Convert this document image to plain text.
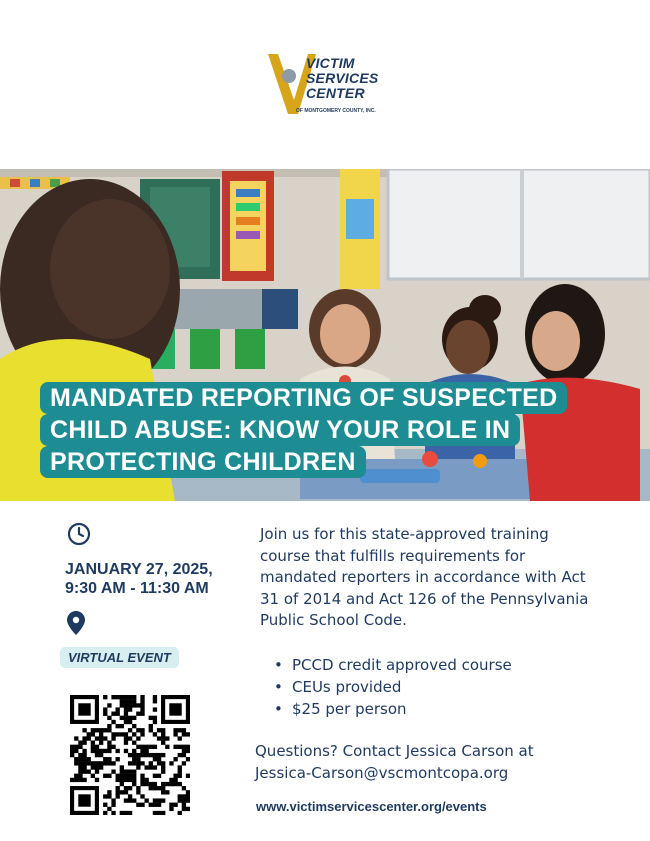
VICTIM
SERVICES
CENTER
OF MONTGOMERY COUNTY, INC.
MANDATED REPORTING OF SUSPECTED
CHILD ABUSE: KNOW YOUR ROLE IN
PROTECTING CHILDREN
JANUARY 27, 2025,
9:30 AM - 11:30 AM
VIRTUAL EVENT
Join us for this state-approved training course that fulfills requirements for mandated reporters in accordance with Act 31 of 2014 and Act 126 of the Pennsylvania Public School Code.
• PCCD credit approved course
• CEUs provided
• $25 per person
Questions? Contact Jessica Carson at
Jessica-Carson@vscmontcopa.org
www.victimservicescenter.org/events
